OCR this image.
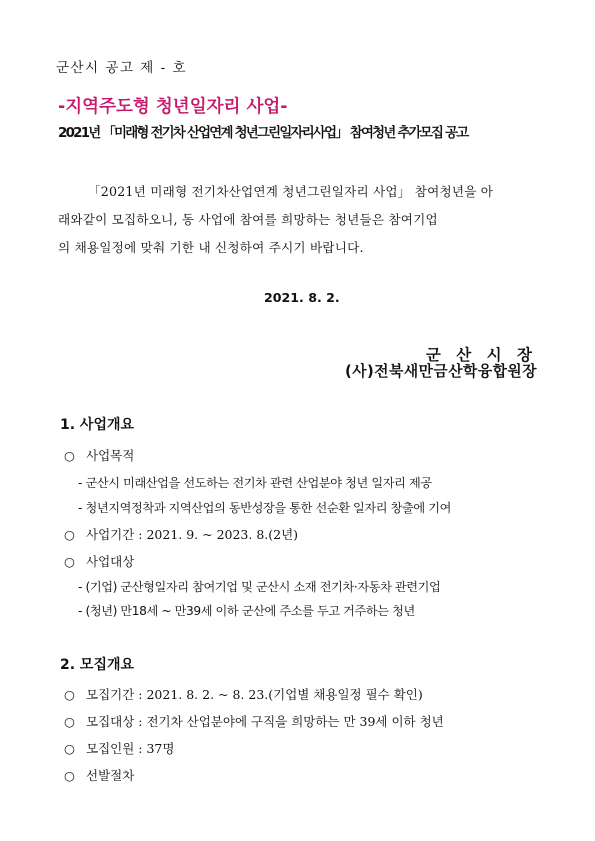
군산시 공고 제 - 호
-지역주도형 청년일자리 사업-
2021년 「미래형 전기차 산업연계 청년그린일자리사업」 참여청년 추가모집 공고
「2021년 미래형 전기차산업연계 청년그린일자리 사업」 참여청년을 아
래와같이 모집하오니, 동 사업에 참여를 희망하는 청년들은 참여기업
의 채용일정에 맞춰 기한 내 신청하여 주시기 바랍니다.
2021. 8. 2.
군 산 시 장
(사)전북새만금산학융합원장
1. 사업개요
○ 사업목적
- 군산시 미래산업을 선도하는 전기차 관련 산업분야 청년 일자리 제공
- 청년지역정착과 지역산업의 동반성장을 통한 선순환 일자리 창출에 기여
○ 사업기간 : 2021. 9. ~ 2023. 8.(2년)
○ 사업대상
- (기업) 군산형일자리 참여기업 및 군산시 소재 전기차·자동차 관련기업
- (청년) 만18세 ~ 만39세 이하 군산에 주소를 두고 거주하는 청년
2. 모집개요
○ 모집기간 : 2021. 8. 2. ~ 8. 23.(기업별 채용일정 필수 확인)
○ 모집대상 : 전기차 산업분야에 구직을 희망하는 만 39세 이하 청년
○ 모집인원 : 37명
○ 선발절차
